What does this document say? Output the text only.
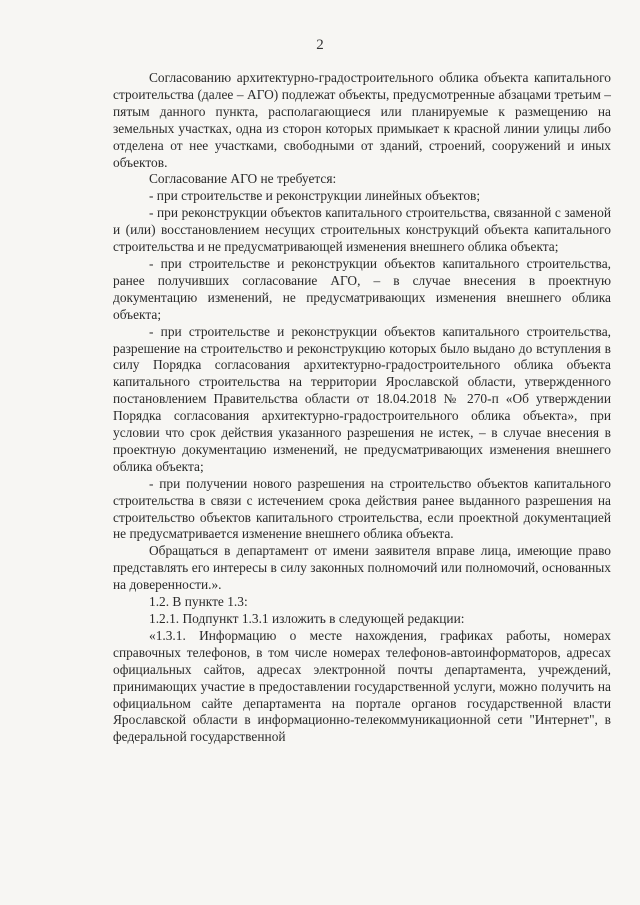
2

Согласованию архитектурно-градостроительного облика объекта капитального строительства (далее – АГО) подлежат объекты, предусмотренные абзацами третьим – пятым данного пункта, располагающиеся или планируемые к размещению на земельных участках, одна из сторон которых примыкает к красной линии улицы либо отделена от нее участками, свободными от зданий, строений, сооружений и иных объектов.

Согласование АГО не требуется:

- при строительстве и реконструкции линейных объектов;

- при реконструкции объектов капитального строительства, связанной с заменой и (или) восстановлением несущих строительных конструкций объекта капитального строительства и не предусматривающей изменения внешнего облика объекта;

- при строительстве и реконструкции объектов капитального строительства, ранее получивших согласование АГО, – в случае внесения в проектную документацию изменений, не предусматривающих изменения внешнего облика объекта;

- при строительстве и реконструкции объектов капитального строительства, разрешение на строительство и реконструкцию которых было выдано до вступления в силу Порядка согласования архитектурно-градостроительного облика объекта капитального строительства на территории Ярославской области, утвержденного постановлением Правительства области от 18.04.2018 № 270-п «Об утверждении Порядка согласования архитектурно-градостроительного облика объекта», при условии что срок действия указанного разрешения не истек, – в случае внесения в проектную документацию изменений, не предусматривающих изменения внешнего облика объекта;

- при получении нового разрешения на строительство объектов капитального строительства в связи с истечением срока действия ранее выданного разрешения на строительство объектов капитального строительства, если проектной документацией не предусматривается изменение внешнего облика объекта.

Обращаться в департамент от имени заявителя вправе лица, имеющие право представлять его интересы в силу законных полномочий или полномочий, основанных на доверенности.».

1.2. В пункте 1.3:

1.2.1. Подпункт 1.3.1 изложить в следующей редакции:

«1.3.1. Информацию о месте нахождения, графиках работы, номерах справочных телефонов, в том числе номерах телефонов-автоинформаторов, адресах официальных сайтов, адресах электронной почты департамента, учреждений, принимающих участие в предоставлении государственной услуги, можно получить на официальном сайте департамента на портале органов государственной власти Ярославской области в информационно-телекоммуникационной сети "Интернет", в федеральной государственной
